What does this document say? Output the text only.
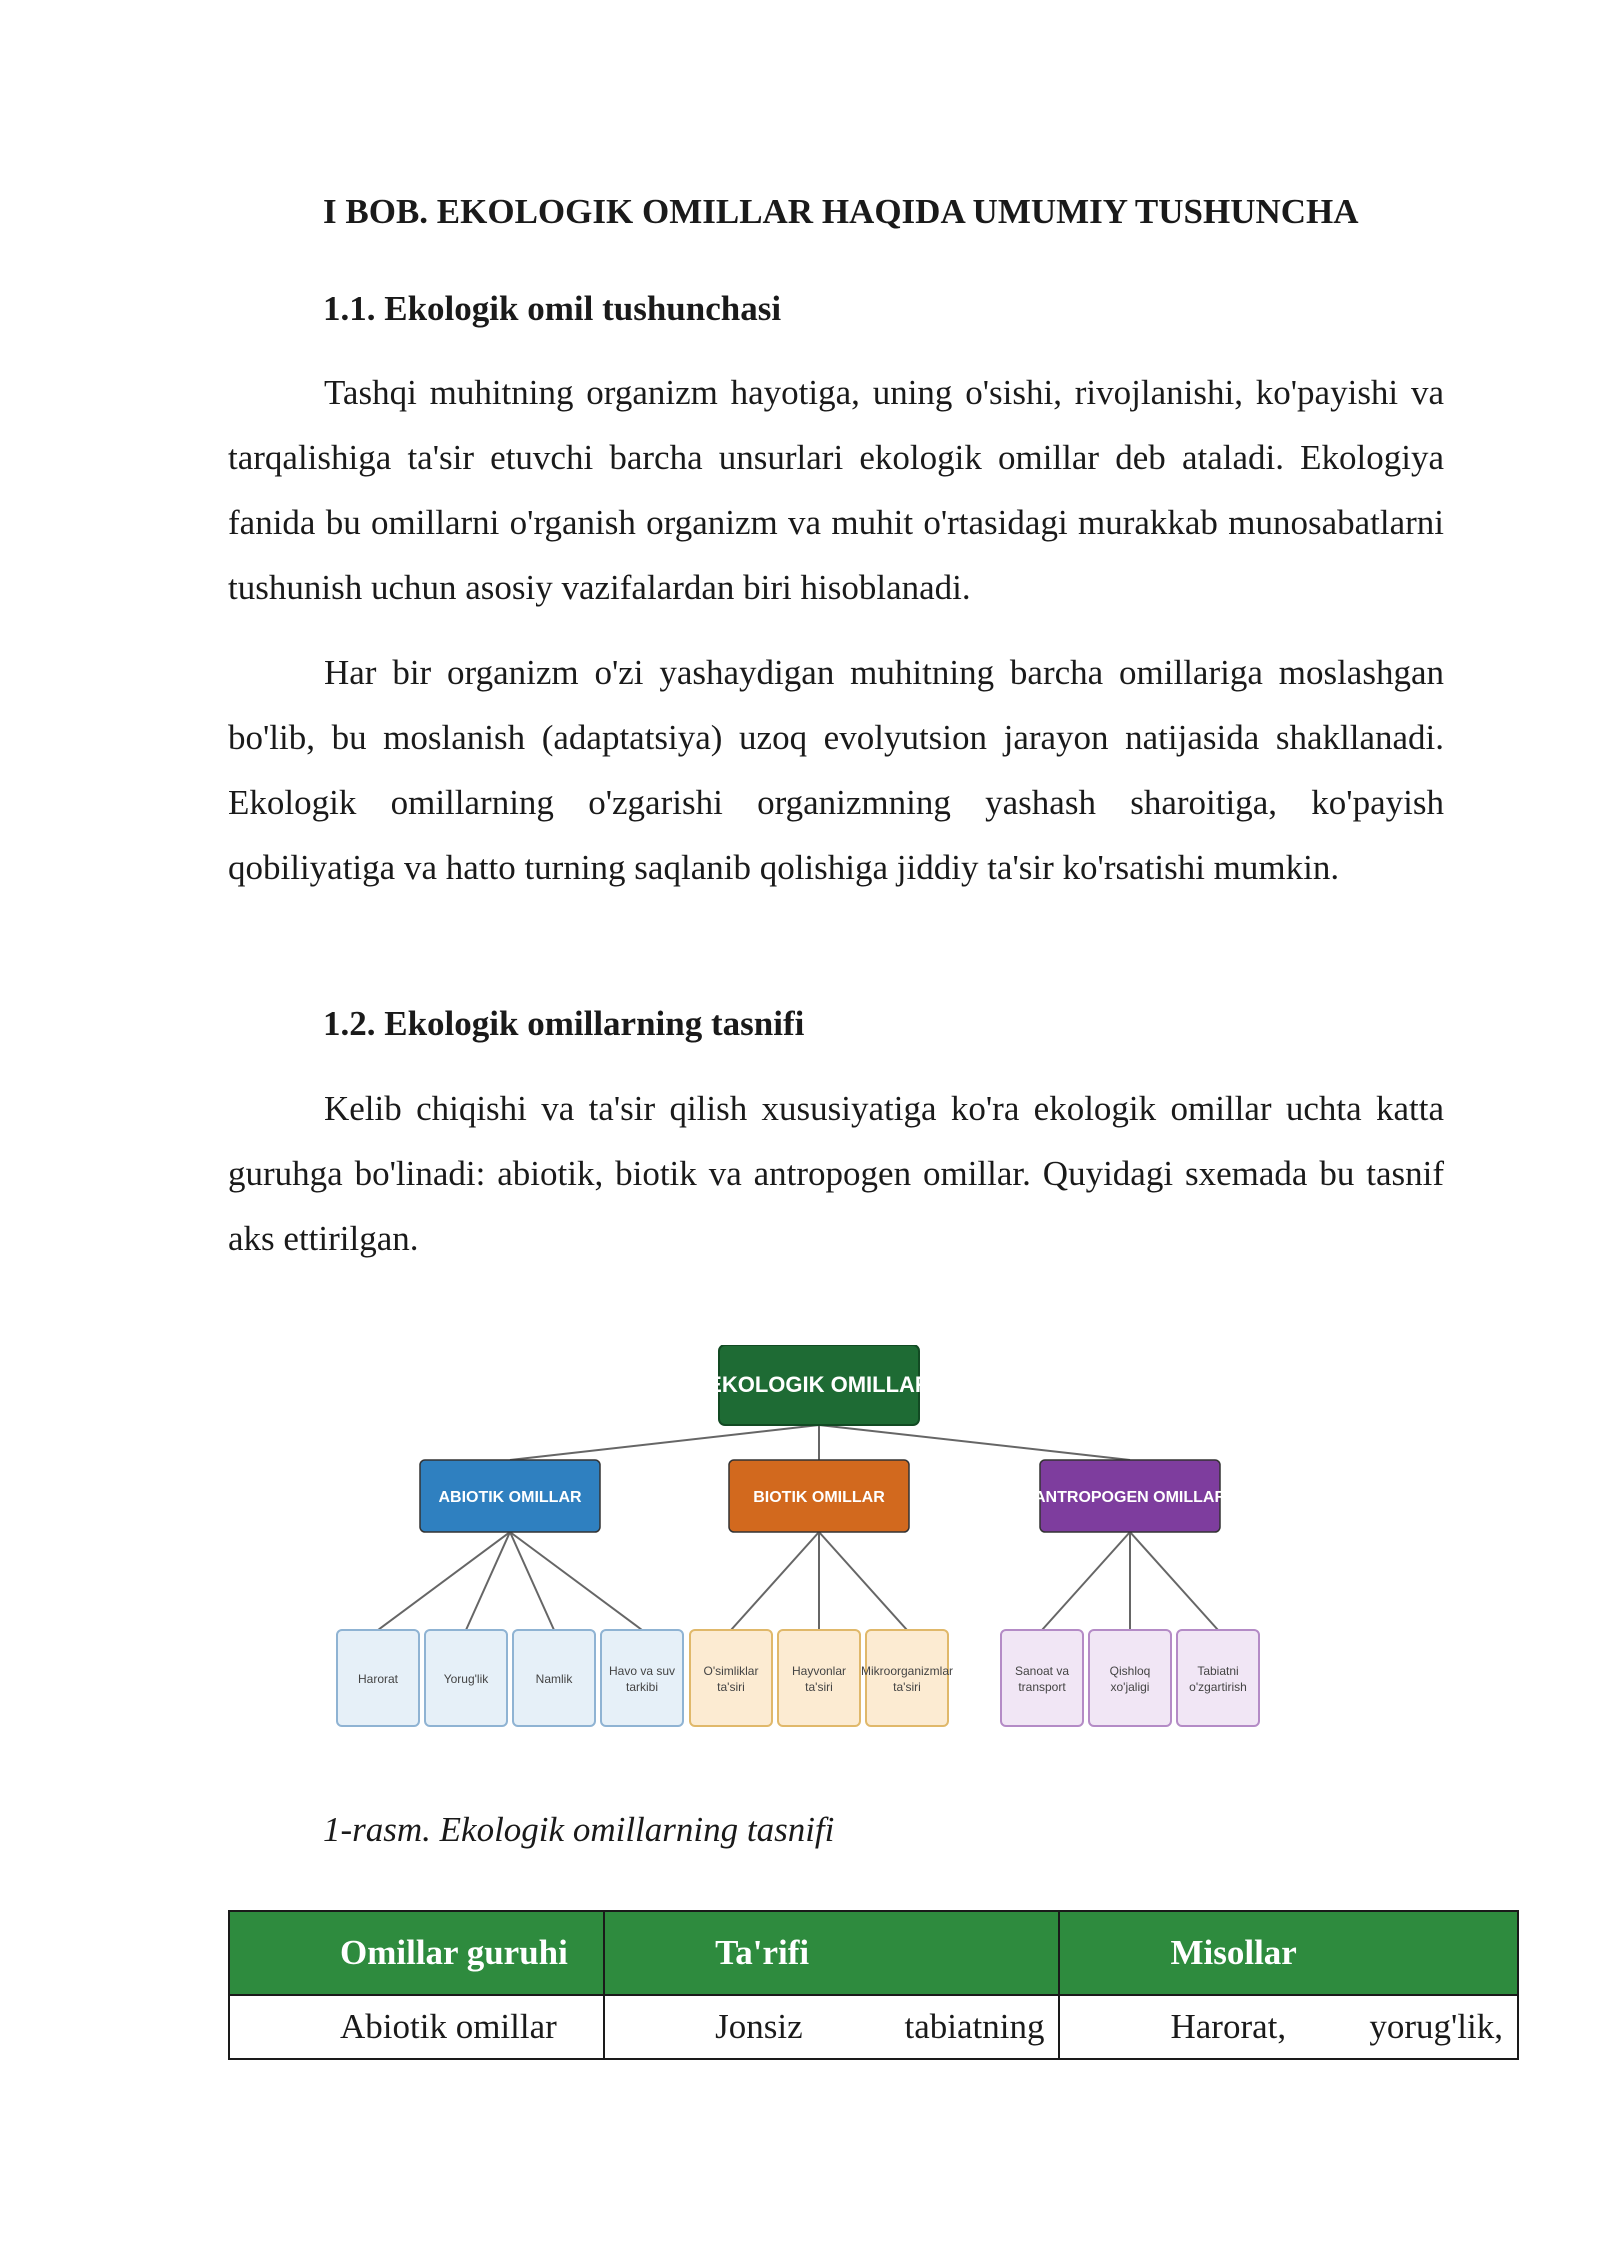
I BOB. EKOLOGIK OMILLAR HAQIDA UMUMIY TUSHUNCHA

1.1. Ekologik omil tushunchasi

Tashqi muhitning organizm hayotiga, uning o'sishi, rivojlanishi, ko'payishi va tarqalishiga ta'sir etuvchi barcha unsurlari ekologik omillar deb ataladi. Ekologiya fanida bu omillarni o'rganish organizm va muhit o'rtasidagi murakkab munosabatlarni tushunish uchun asosiy vazifalardan biri hisoblanadi.

Har bir organizm o'zi yashaydigan muhitning barcha omillariga moslashgan bo'lib, bu moslanish (adaptatsiya) uzoq evolyutsion jarayon natijasida shakllanadi. Ekologik omillarning o'zgarishi organizmning yashash sharoitiga, ko'payish qobiliyatiga va hatto turning saqlanib qolishiga jiddiy ta'sir ko'rsatishi mumkin.

1.2. Ekologik omillarning tasnifi

Kelib chiqishi va ta'sir qilish xususiyatiga ko'ra ekologik omillar uchta katta guruhga bo'linadi: abiotik, biotik va antropogen omillar. Quyidagi sxemada bu tasnif aks ettirilgan.

EKOLOGIK OMILLAR
ABIOTIK OMILLAR
Harorat	Yorug'lik	Namlik
Havo va suv
tarkibi
BIOTIK OMILLAR
O'simliklar
ta'siri
Hayvonlar
ta'siri
Mikroorganizmlar
ta'siri
ANTROPOGEN OMILLAR
Sanoat va
transport
Qishloq
xo'jaligi
Tabiatni
o'zgartirish

1-rasm. Ekologik omillarning tasnifi

Omillar guruhi	Ta'rifi	Misollar
Abiotik omillar	Jonsiz tabiatning	Harorat, yorug'lik,
